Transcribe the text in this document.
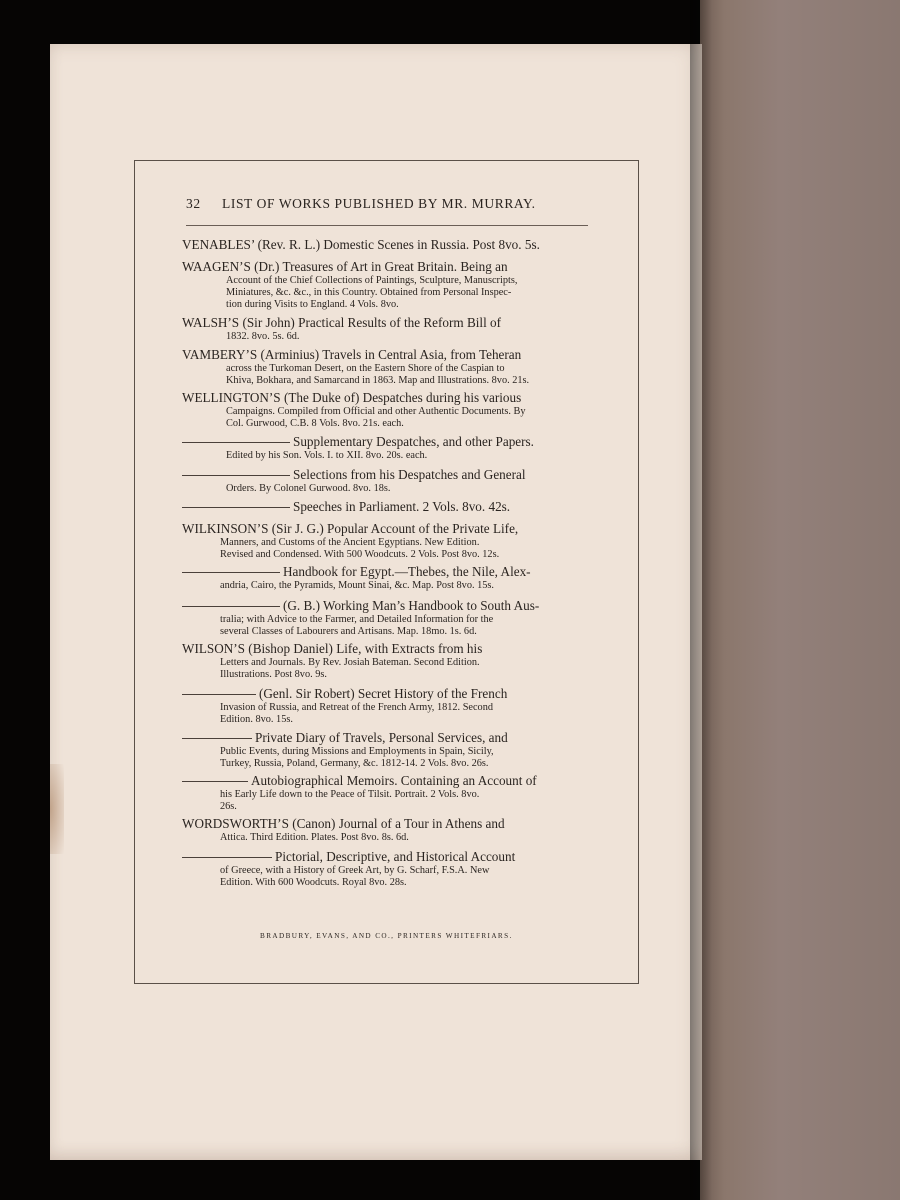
32 LIST OF WORKS PUBLISHED BY MR. MURRAY.
VENABLES’ (Rev. R. L.) Domestic Scenes in Russia. Post 8vo. 5s.
WAAGEN’S (Dr.) Treasures of Art in Great Britain. Being an
Account of the Chief Collections of Paintings, Sculpture, Manuscripts,
Miniatures, &c. &c., in this Country. Obtained from Personal Inspec-
tion during Visits to England. 4 Vols. 8vo.
WALSH’S (Sir John) Practical Results of the Reform Bill of
1832. 8vo. 5s. 6d.
VAMBERY’S (Arminius) Travels in Central Asia, from Teheran
across the Turkoman Desert, on the Eastern Shore of the Caspian to
Khiva, Bokhara, and Samarcand in 1863. Map and Illustrations. 8vo. 21s.
WELLINGTON’S (The Duke of) Despatches during his various
Campaigns. Compiled from Official and other Authentic Documents. By
Col. Gurwood, C.B. 8 Vols. 8vo. 21s. each.
Supplementary Despatches, and other Papers.
Edited by his Son. Vols. I. to XII. 8vo. 20s. each.
Selections from his Despatches and General
Orders. By Colonel Gurwood. 8vo. 18s.
Speeches in Parliament. 2 Vols. 8vo. 42s.
WILKINSON’S (Sir J. G.) Popular Account of the Private Life,
Manners, and Customs of the Ancient Egyptians. New Edition.
Revised and Condensed. With 500 Woodcuts. 2 Vols. Post 8vo. 12s.
Handbook for Egypt.—Thebes, the Nile, Alex-
andria, Cairo, the Pyramids, Mount Sinai, &c. Map. Post 8vo. 15s.
(G. B.) Working Man’s Handbook to South Aus-
tralia; with Advice to the Farmer, and Detailed Information for the
several Classes of Labourers and Artisans. Map. 18mo. 1s. 6d.
WILSON’S (Bishop Daniel) Life, with Extracts from his
Letters and Journals. By Rev. Josiah Bateman. Second Edition.
Illustrations. Post 8vo. 9s.
(Genl. Sir Robert) Secret History of the French
Invasion of Russia, and Retreat of the French Army, 1812. Second
Edition. 8vo. 15s.
Private Diary of Travels, Personal Services, and
Public Events, during Missions and Employments in Spain, Sicily,
Turkey, Russia, Poland, Germany, &c. 1812-14. 2 Vols. 8vo. 26s.
Autobiographical Memoirs. Containing an Account of
his Early Life down to the Peace of Tilsit. Portrait. 2 Vols. 8vo.
26s.
WORDSWORTH’S (Canon) Journal of a Tour in Athens and
Attica. Third Edition. Plates. Post 8vo. 8s. 6d.
Pictorial, Descriptive, and Historical Account
of Greece, with a History of Greek Art, by G. Scharf, F.S.A. New
Edition. With 600 Woodcuts. Royal 8vo. 28s.
BRADBURY, EVANS, AND CO., PRINTERS WHITEFRIARS.
